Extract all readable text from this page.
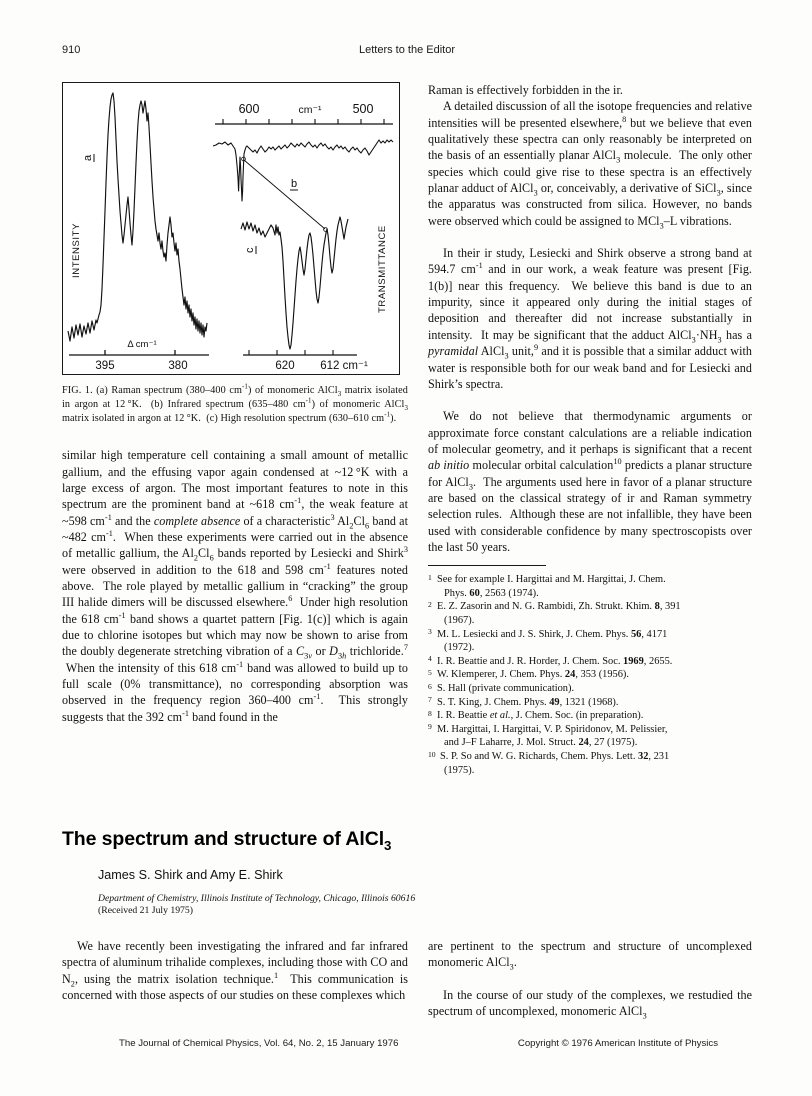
Letters to the Editor
910
395	380
Δ cm⁻¹
INTENSITY
a
600	cm⁻¹ 500
b
c
620 612 cm⁻¹
TRANSMITTANCE
FIG. 1. (a) Raman spectrum (380–400 $cm^{-1}$) of monomeric AlCl$_3$ matrix isolated in argon at 12 °K.  (b) Infrared spectrum (635–480 $cm^{-1}$) of monomeric AlCl$_3$ matrix isolated in argon at 12 °K.  (c) High resolution spectrum (630–610 $cm^{-1}$).

similar high temperature cell containing a small amount of metallic gallium, and the effusing vapor again condensed at ~12 °K with a large excess of argon. The most important features to note in this spectrum are the prominent band at ~618 $cm^{-1}$, the weak feature at ~598 $cm^{-1}$ and the complete absence of a characteristic$^3$ $Al_2Cl_6$ band at ~482 $cm^{-1}$.  When these experiments were carried out in the absence of metallic gallium, the $Al_2Cl_6$ bands reported by Lesiecki and Shirk$^3$ were observed in addition to the 618 and 598 $cm^{-1}$ features noted above.  The role played by metallic gallium in “cracking” the group III halide dimers will be discussed elsewhere.$^6$  Under high resolution the 618 $cm^{-1}$ band shows a quartet pattern [Fig. 1(c)] which is again due to chlorine isotopes but which may now be shown to arise from the doubly degenerate stretching vibration of a $C_{3v}$ or $D_{3h}$ trichloride.$^7$  When the intensity of this 618 $cm^{-1}$ band was allowed to build up to full scale (0% transmittance), no corresponding absorption was observed in the frequency region 360–400 $cm^{-1}$.  This strongly suggests that the 392 $cm^{-1}$ band found in the

Raman is effectively forbidden in the ir.

A detailed discussion of all the isotope frequencies and relative intensities will be presented elsewhere,$^8$ but we believe that even qualitatively these spectra can only reasonably be interpreted on the basis of an essentially planar AlCl$_3$ molecule.  The only other species which could give rise to these spectra is an effectively planar adduct of AlCl$_3$ or, conceivably, a derivative of SiCl$_3$, since the apparatus was constructed from silica. However, no bands were observed which could be assigned to MCl$_3$–L vibrations.

In their ir study, Lesiecki and Shirk observe a strong band at 594.7 $cm^{-1}$ and in our work, a weak feature was present [Fig. 1(b)] near this frequency.  We believe this band is due to an impurity, since it appeared only during the initial stages of deposition and thereafter did not increase substantially in intensity.  It may be significant that the adduct $AlCl_3\cdot NH_3$ has a pyramidal AlCl$_3$ unit,$^9$ and it is possible that a similar adduct with water is responsible both for our weak band and for Lesiecki and Shirk’s spectra.

We do not believe that thermodynamic arguments or approximate force constant calculations are a reliable indication of molecular geometry, and it perhaps is significant that a recent ab initio molecular orbital calculation$^{10}$ predicts a planar structure for AlCl$_3$.  The arguments used here in favor of a planar structure are based on the classical strategy of ir and Raman symmetry selection rules.  Although these are not infallible, they have been used with considerable confidence by many spectroscopists over the last 50 years.

1 See for example I. Hargittai and M. Hargittai, J. Chem.

Phys. 60, 2563 (1974).
2 E. Z. Zasorin and N. G. Rambidi, Zh. Strukt. Khim. 8, 391

(1967).
3 M. L. Lesiecki and J. S. Shirk, J. Chem. Phys. 56, 4171

(1972).
4 I. R. Beattie and J. R. Horder, J. Chem. Soc. 1969, 2655.
5 W. Klemperer, J. Chem. Phys. 24, 353 (1956).
6 S. Hall (private communication).
7 S. T. King, J. Chem. Phys. 49, 1321 (1968).
8 I. R. Beattie et al., J. Chem. Soc. (in preparation).
9 M. Hargittai, I. Hargittai, V. P. Spiridonov, M. Pelissier,

and J–F Laharre, J. Mol. Struct. 24, 27 (1975).
10 S. P. So and W. G. Richards, Chem. Phys. Lett. 32, 231

(1975).
The spectrum and structure of AlCl$_3$
James S. Shirk and Amy E. Shirk
Department of Chemistry, Illinois Institute of Technology, Chicago, Illinois 60616
(Received 21 July 1975)

We have recently been investigating the infrared and far infrared spectra of aluminum trihalide complexes, including those with CO and $N_2$, using the matrix isolation technique.$^1$  This communication is concerned with those aspects of our studies on these complexes which

are pertinent to the spectrum and structure of uncomplexed monomeric AlCl$_3$.

In the course of our study of the complexes, we restudied the spectrum of uncomplexed, monomeric AlCl$_3$

The Journal of Chemical Physics, Vol. 64, No. 2, 15 January 1976	Copyright © 1976 American Institute of Physics
